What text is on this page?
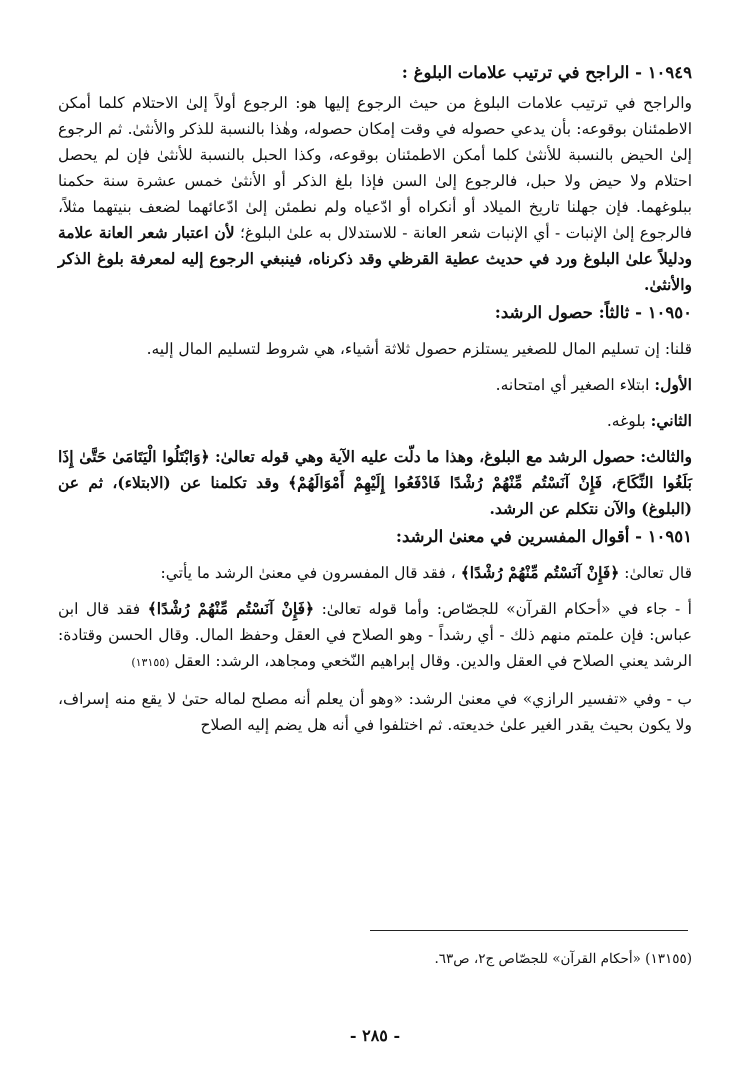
١٠٩٤٩ - الراجح في ترتيب علامات البلوغ :

والراجح في ترتيب علامات البلوغ من حيث الرجوع إليها هو: الرجوع أولاً إلىٰ الاحتلام كلما أمكن الاطمئنان بوقوعه: بأن يدعي حصوله في وقت إمكان حصوله، وهٰذا بالنسبة للذكر والأنثىٰ. ثم الرجوع إلىٰ الحيض بالنسبة للأنثىٰ كلما أمكن الاطمئنان بوقوعه، وكذا الحبل بالنسبة للأنثىٰ فإن لم يحصل احتلام ولا حيض ولا حبل، فالرجوع إلىٰ السن فإذا بلغ الذكر أو الأنثىٰ خمس عشرة سنة حكمنا ببلوغهما. فإن جهلنا تاريخ الميلاد أو أنكراه أو ادّعياه ولم نطمئن إلىٰ ادّعائهما لضعف بنيتهما مثلاً، فالرجوع إلىٰ الإنبات - أي الإنبات شعر العانة - للاستدلال به علىٰ البلوغ؛ لأن اعتبار شعر العانة علامة ودليلاً علىٰ البلوغ ورد في حديث عطية القرظي وقد ذكرناه، فينبغي الرجوع إليه لمعرفة بلوغ الذكر والأنثىٰ.

١٠٩٥٠ - ثالثاً: حصول الرشد:

قلنا: إن تسليم المال للصغير يستلزم حصول ثلاثة أشياء، هي شروط لتسليم المال إليه.

الأول: ابتلاء الصغير أي امتحانه.

الثاني: بلوغه.

والثالث: حصول الرشد مع البلوغ، وهذا ما دلّت عليه الآية وهي قوله تعالىٰ: ﴿وَابْتَلُوا الْيَتَامَىٰ حَتَّىٰ إِذَا بَلَغُوا النِّكَاحَ، فَإِنْ آنَسْتُم مِّنْهُمْ رُشْدًا فَادْفَعُوا إِلَيْهِمْ أَمْوَالَهُمْ﴾ وقد تكلمنا عن (الابتلاء)، ثم عن (البلوغ) والآن نتكلم عن الرشد.

١٠٩٥١ - أقوال المفسرين في معنىٰ الرشد:

قال تعالىٰ: ﴿فَإِنْ آنَسْتُم مِّنْهُمْ رُشْدًا﴾ ، فقد قال المفسرون في معنىٰ الرشد ما يأتي:

أ - جاء في «أحكام القرآن» للجصّاص: وأما قوله تعالىٰ: ﴿فَإِنْ آنَسْتُم مِّنْهُمْ رُشْدًا﴾ فقد قال ابن عباس: فإن علمتم منهم ذلك - أي رشداً - وهو الصلاح في العقل وحفظ المال. وقال الحسن وقتادة: الرشد يعني الصلاح في العقل والدين. وقال إبراهيم النّخعي ومجاهد، الرشد: العقل (١٣١٥٥)

ب - وفي «تفسير الرازي» في معنىٰ الرشد: «وهو أن يعلم أنه مصلح لماله حتىٰ لا يقع منه إسراف، ولا يكون بحيث يقدر الغير علىٰ خديعته. ثم اختلفوا في أنه هل يضم إليه الصلاح

(١٣١٥٥) «أحكام القرآن» للجصّاص ج٢، ص٦٣.
- ٢٨٥ -
